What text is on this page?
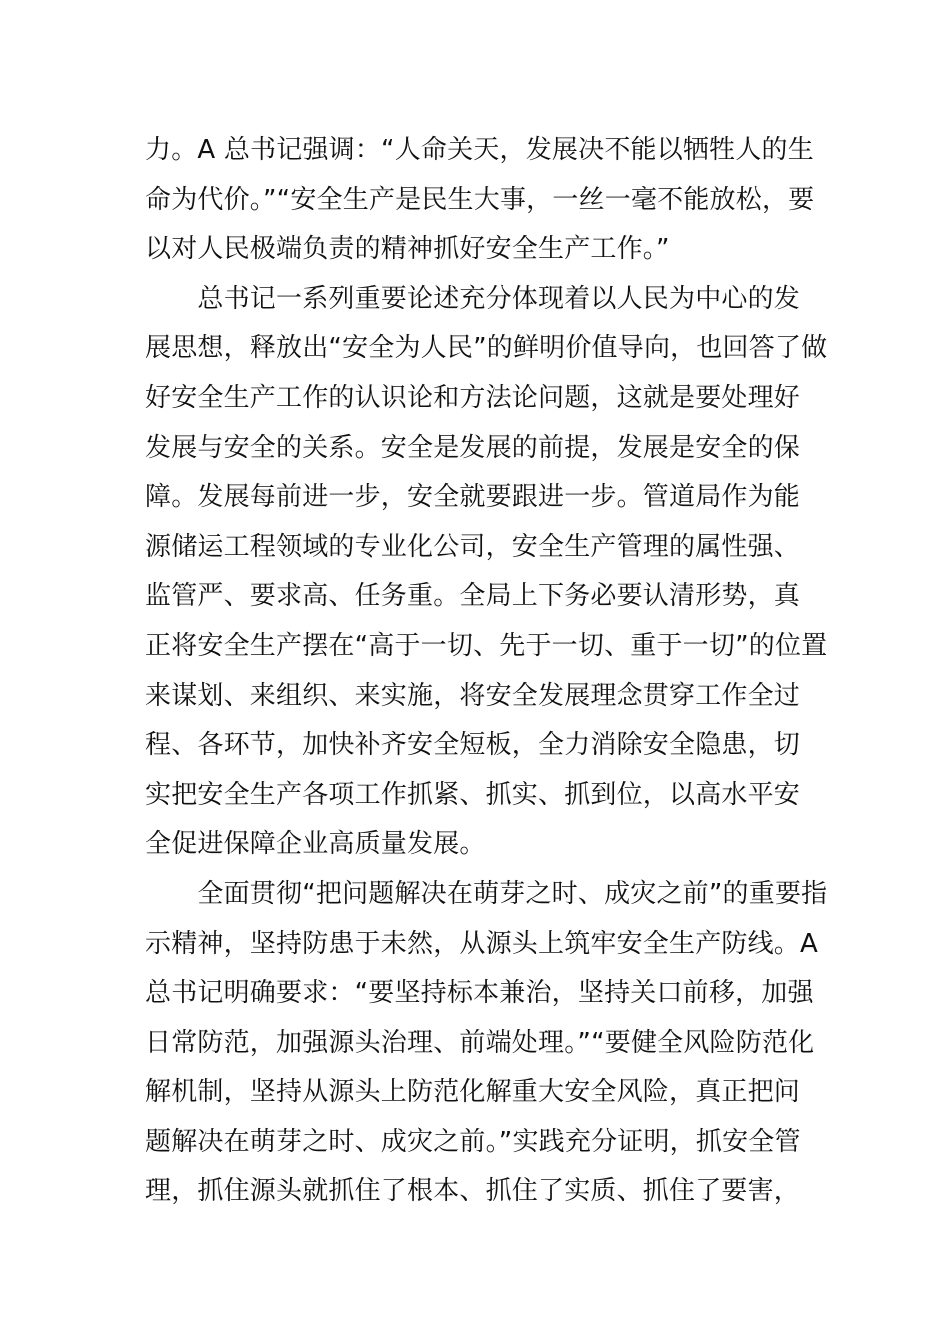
力。A 总书记强调：“人命关天，发展决不能以牺牲人的生
命为代价。”“安全生产是民生大事，一丝一毫不能放松，要
以对人民极端负责的精神抓好安全生产工作。”
　　总书记一系列重要论述充分体现着以人民为中心的发
展思想，释放出“安全为人民”的鲜明价值导向，也回答了做
好安全生产工作的认识论和方法论问题，这就是要处理好
发展与安全的关系。安全是发展的前提，发展是安全的保
障。发展每前进一步，安全就要跟进一步。管道局作为能
源储运工程领域的专业化公司，安全生产管理的属性强、
监管严、要求高、任务重。全局上下务必要认清形势，真
正将安全生产摆在“高于一切、先于一切、重于一切”的位置
来谋划、来组织、来实施，将安全发展理念贯穿工作全过
程、各环节，加快补齐安全短板，全力消除安全隐患，切
实把安全生产各项工作抓紧、抓实、抓到位，以高水平安
全促进保障企业高质量发展。
　　全面贯彻“把问题解决在萌芽之时、成灾之前”的重要指
示精神，坚持防患于未然，从源头上筑牢安全生产防线。A
总书记明确要求：“要坚持标本兼治，坚持关口前移，加强
日常防范，加强源头治理、前端处理。”“要健全风险防范化
解机制，坚持从源头上防范化解重大安全风险，真正把问
题解决在萌芽之时、成灾之前。”实践充分证明，抓安全管
理，抓住源头就抓住了根本、抓住了实质、抓住了要害，
